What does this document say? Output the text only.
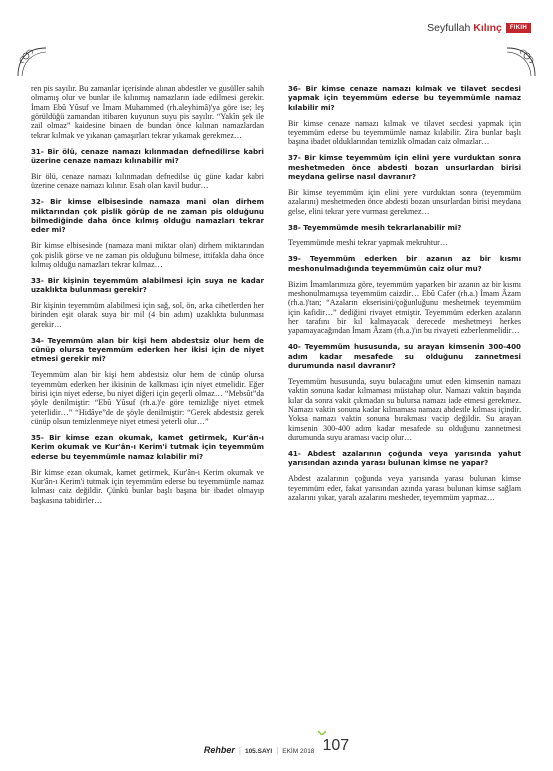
Seyfullah Kılınç	FIKIH

ren pis sayılır. Bu zamanlar içerisinde alınan abdestler ve gusüller sahih olmamış olur ve bunlar ile kılınmış namazların iade edilmesi gerekir. İmam Ebû Yûsuf ve İmam Muhammed (rh.aleyhimâ)'ya göre ise; leş görüldüğü zamandan itibaren kuyunun suyu pis sayılır. “Yakîn şek ile zail olmaz” kaidesine binaen de bundan önce kılınan namazlardan tekrar kılmak ve yıkanan çamaşırları tekrar yıkamak gerekmez…

31- Bir ölü, cenaze namazı kılınmadan defnedilirse kabri üzerine cenaze namazı kılınabilir mi?

Bir ölü, cenaze namazı kılınmadan defnedilse üç güne kadar kabri üzerine cenaze namazı kılınır. Esah olan kavil budur…

32- Bir kimse elbisesinde namaza mani olan dirhem miktarından çok pislik görüp de ne zaman pis olduğunu bilmediğinde daha önce kılmış olduğu namazları tekrar eder mi?

Bir kimse elbisesinde (namaza mani miktar olan) dirhem miktarından çok pislik görse ve ne zaman pis olduğunu bilmese, ittifakla daha önce kılmış olduğu namazları tekrar kılmaz…

33- Bir kişinin teyemmüm alabilmesi için suya ne kadar uzaklıkta bulunması gerekir?

Bir kişinin teyemmüm alabilmesi için sağ, sol, ön, arka cihetlerden her birinden eşit olarak suya bir mil (4 bin adım) uzaklıkta bulunması gerekir…

34- Teyemmüm alan bir kişi hem abdestsiz olur hem de cünüp olursa teyemmüm ederken her ikisi için de niyet etmesi gerekir mi?

Teyemmüm alan bir kişi hem abdestsiz olur hem de cünüp olursa teyemmüm ederken her ikisinin de kalkması için niyet etmelidir. Eğer birisi için niyet ederse, bu niyet diğeri için geçerli olmaz… “Mebsût”da şöyle denilmiştir: “Ebû Yûsuf (rh.a.)'e göre temizliğe niyet etmek yeterlidir…” “Hidâye”de de şöyle denilmiştir: “Gerek abdestsiz gerek cünüp olsun temizlenmeye niyet etmesi yeterli olur…”

35- Bir kimse ezan okumak, kamet getirmek, Kur'ân-ı Kerim okumak ve Kur'ân-ı Kerim'i tutmak için teyemmüm ederse bu teyemmümle namaz kılabilir mi?

Bir kimse ezan okumak, kamet getirmek, Kur'ân-ı Kerim okumak ve Kur'ân-ı Kerim'i tutmak için teyemmüm ederse bu teyemmümle namaz kılması caiz değildir. Çünkü bunlar başlı başına bir ibadet olmayıp başkasına tabidirler…

36- Bir kimse cenaze namazı kılmak ve tilavet secdesi yapmak için teyemmüm ederse bu teyemmümle namaz kılabilir mi?

Bir kimse cenaze namazı kılmak ve tilavet secdesi yapmak için teyemmüm ederse bu teyemmümle namaz kılabilir. Zira bunlar başlı başına ibadet olduklarından temizlik olmadan caiz olmazlar…

37- Bir kimse teyemmüm için elini yere vurduktan sonra meshetmeden önce abdesti bozan unsurlardan birisi meydana gelirse nasıl davranır?

Bir kimse teyemmüm için elini yere vurduktan sonra (teyemmüm azalarını) meshetmeden önce abdesti bozan unsurlardan birisi meydana gelse, elini tekrar yere vurması gerekmez…

38- Teyemmümde mesih tekrarlanabilir mi?

Teyemmümde meshi tekrar yapmak mekruhtur…

39- Teyemmüm ederken bir azanın az bir kısmı meshonulmadığında teyemmümün caiz olur mu?

Bizim İmamlarımıza göre, teyemmüm yaparken bir azanın az bir kısmı meshonulmamışsa teyemmüm caizdir… Ebû Cafer (rh.a.) İmam Âzam (rh.a.)'tan; “Azaların ekserisini/çoğunluğunu meshetmek teyemmüm için kafidir…” dediğini rivayet etmiştir. Teyemmüm ederken azaların her tarafını bir kıl kalmayacak derecede meshetmeyi herkes yapamayacağından İmam Âzam (rh.a.)'ın bu rivayeti ezberlenmelidir…

40- Teyemmüm hususunda, su arayan kimsenin 300-400 adım kadar mesafede su olduğunu zannetmesi durumunda nasıl davranır?

Teyemmüm hususunda, suyu bulacağını umut eden kimsenin namazı vaktin sonuna kadar kılmaması müstahap olur. Namazı vaktin başında kılar da sonra vakit çıkmadan su bulursa namazı iade etmesi gerekmez. Namazı vaktin sonuna kadar kılmaması namazı abdestle kılması içindir. Yoksa namazı vaktin sonuna bırakması vacip değildir. Su arayan kimsenin 300-400 adım kadar mesafede su olduğunu zannetmesi durumunda suyu araması vacip olur…

41- Abdest azalarının çoğunda veya yarısında yahut yarısından azında yarası bulunan kimse ne yapar?

Abdest azalarının çoğunda veya yarısında yarası bulunan kimse teyemmüm eder, fakat yarısından azında yarası bulunan kimse sağlam azalarını yıkar, yaralı azalarını mesheder, teyemmüm yapmaz…

Rehber | 105.SAYI | EKİM 2018 107
